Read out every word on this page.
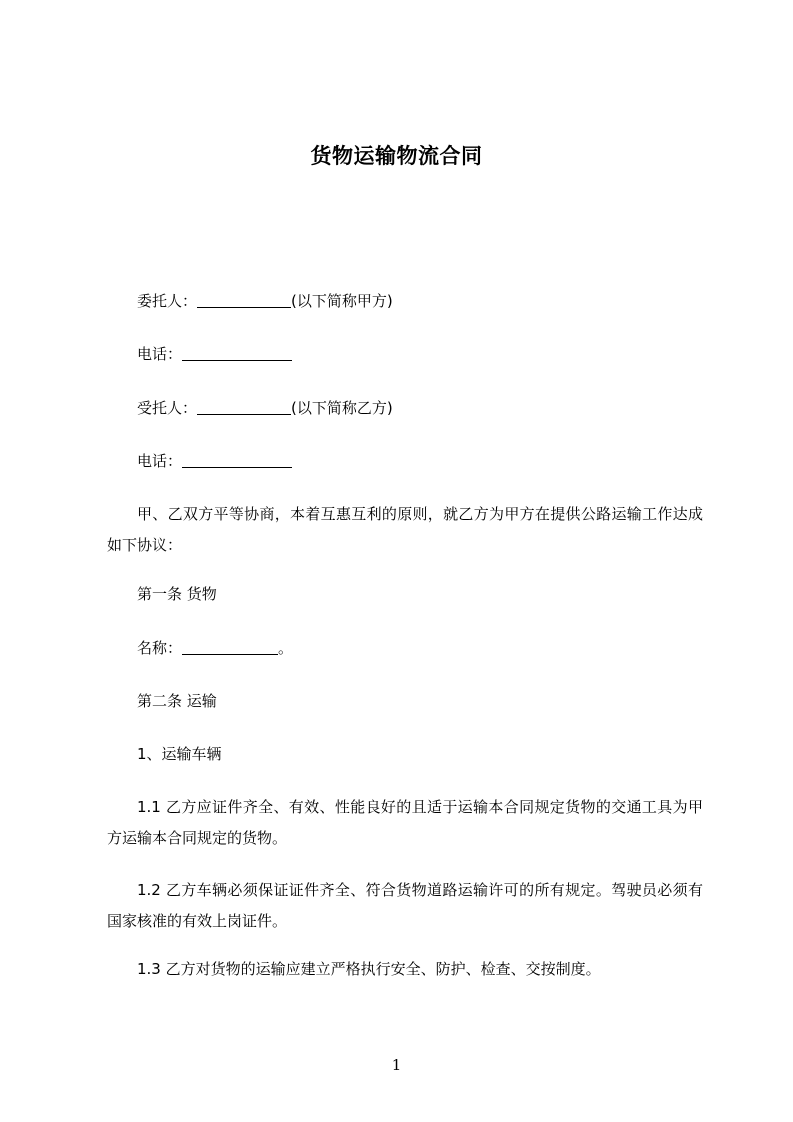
货物运输物流合同
委托人：	(以下简称甲方)
电话：
受托人：	(以下简称乙方)
电话：
甲、乙双方平等协商，本着互惠互利的原则，就乙方为甲方在提供公路运输工作达成如下协议：
第一条 货物
名称：	。
第二条 运输
1、运输车辆
1.1 乙方应证件齐全、有效、性能良好的且适于运输本合同规定货物的交通工具为甲方运输本合同规定的货物。
1.2 乙方车辆必须保证证件齐全、符合货物道路运输许可的所有规定。驾驶员必须有国家核准的有效上岗证件。
1.3 乙方对货物的运输应建立严格执行安全、防护、检查、交按制度。
1
